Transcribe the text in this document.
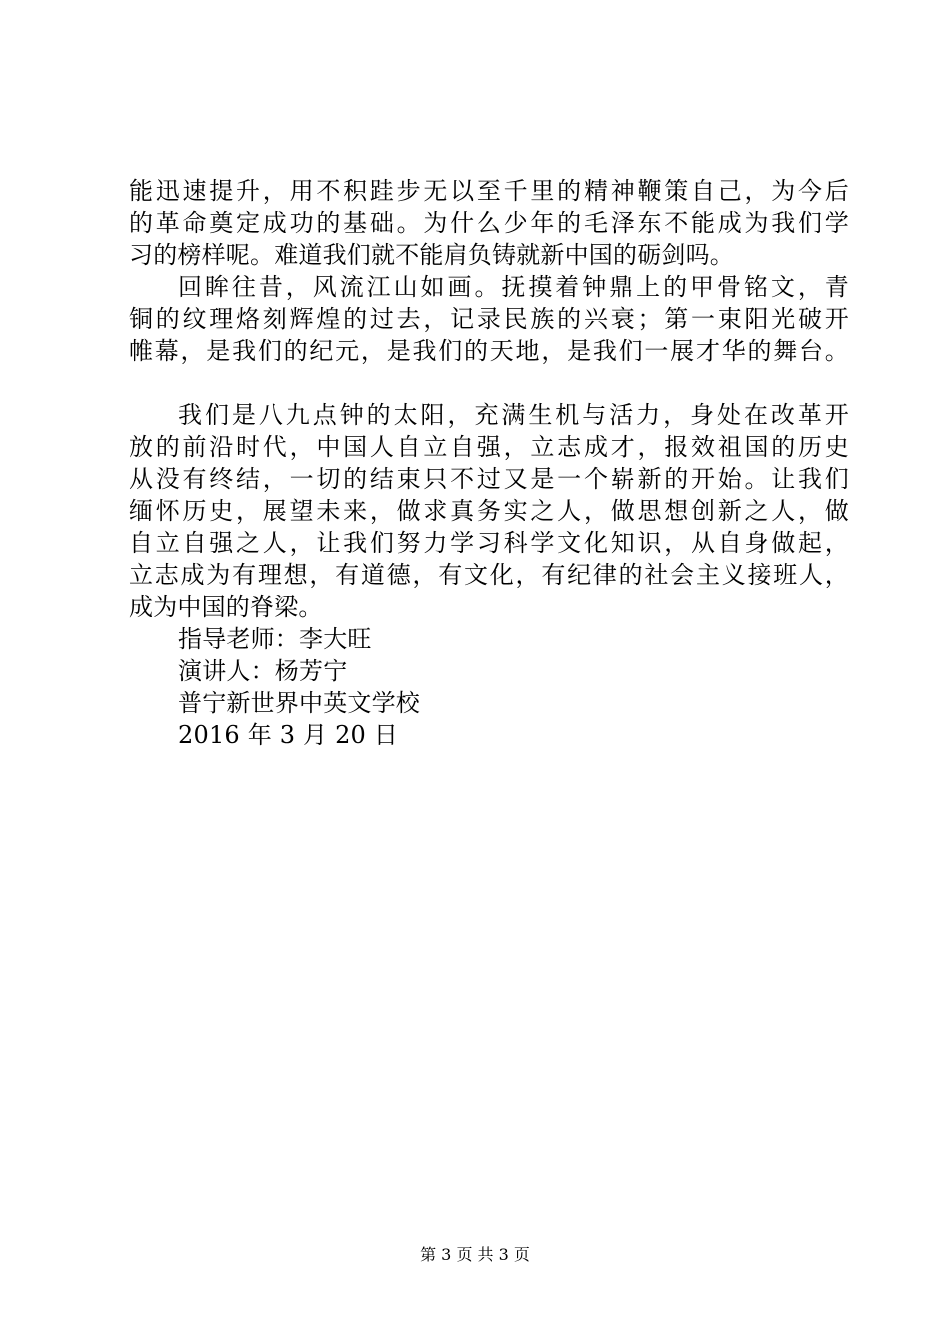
能迅速提升，用不积跬步无以至千里的精神鞭策自己，为今后
的革命奠定成功的基础。为什么少年的毛泽东不能成为我们学
习的榜样呢。难道我们就不能肩负铸就新中国的砺剑吗。
回眸往昔，风流江山如画。抚摸着钟鼎上的甲骨铭文，青
铜的纹理烙刻辉煌的过去，记录民族的兴衰；第一束阳光破开
帷幕，是我们的纪元，是我们的天地，是我们一展才华的舞台。
我们是八九点钟的太阳，充满生机与活力，身处在改革开
放的前沿时代，中国人自立自强，立志成才，报效祖国的历史
从没有终结，一切的结束只不过又是一个崭新的开始。让我们
缅怀历史，展望未来，做求真务实之人，做思想创新之人，做
自立自强之人，让我们努力学习科学文化知识，从自身做起，
立志成为有理想，有道德，有文化，有纪律的社会主义接班人，
成为中国的脊梁。
指导老师：李大旺
演讲人：杨芳宁
普宁新世界中英文学校
2016 年 3 月 20 日
第 3 页 共 3 页
